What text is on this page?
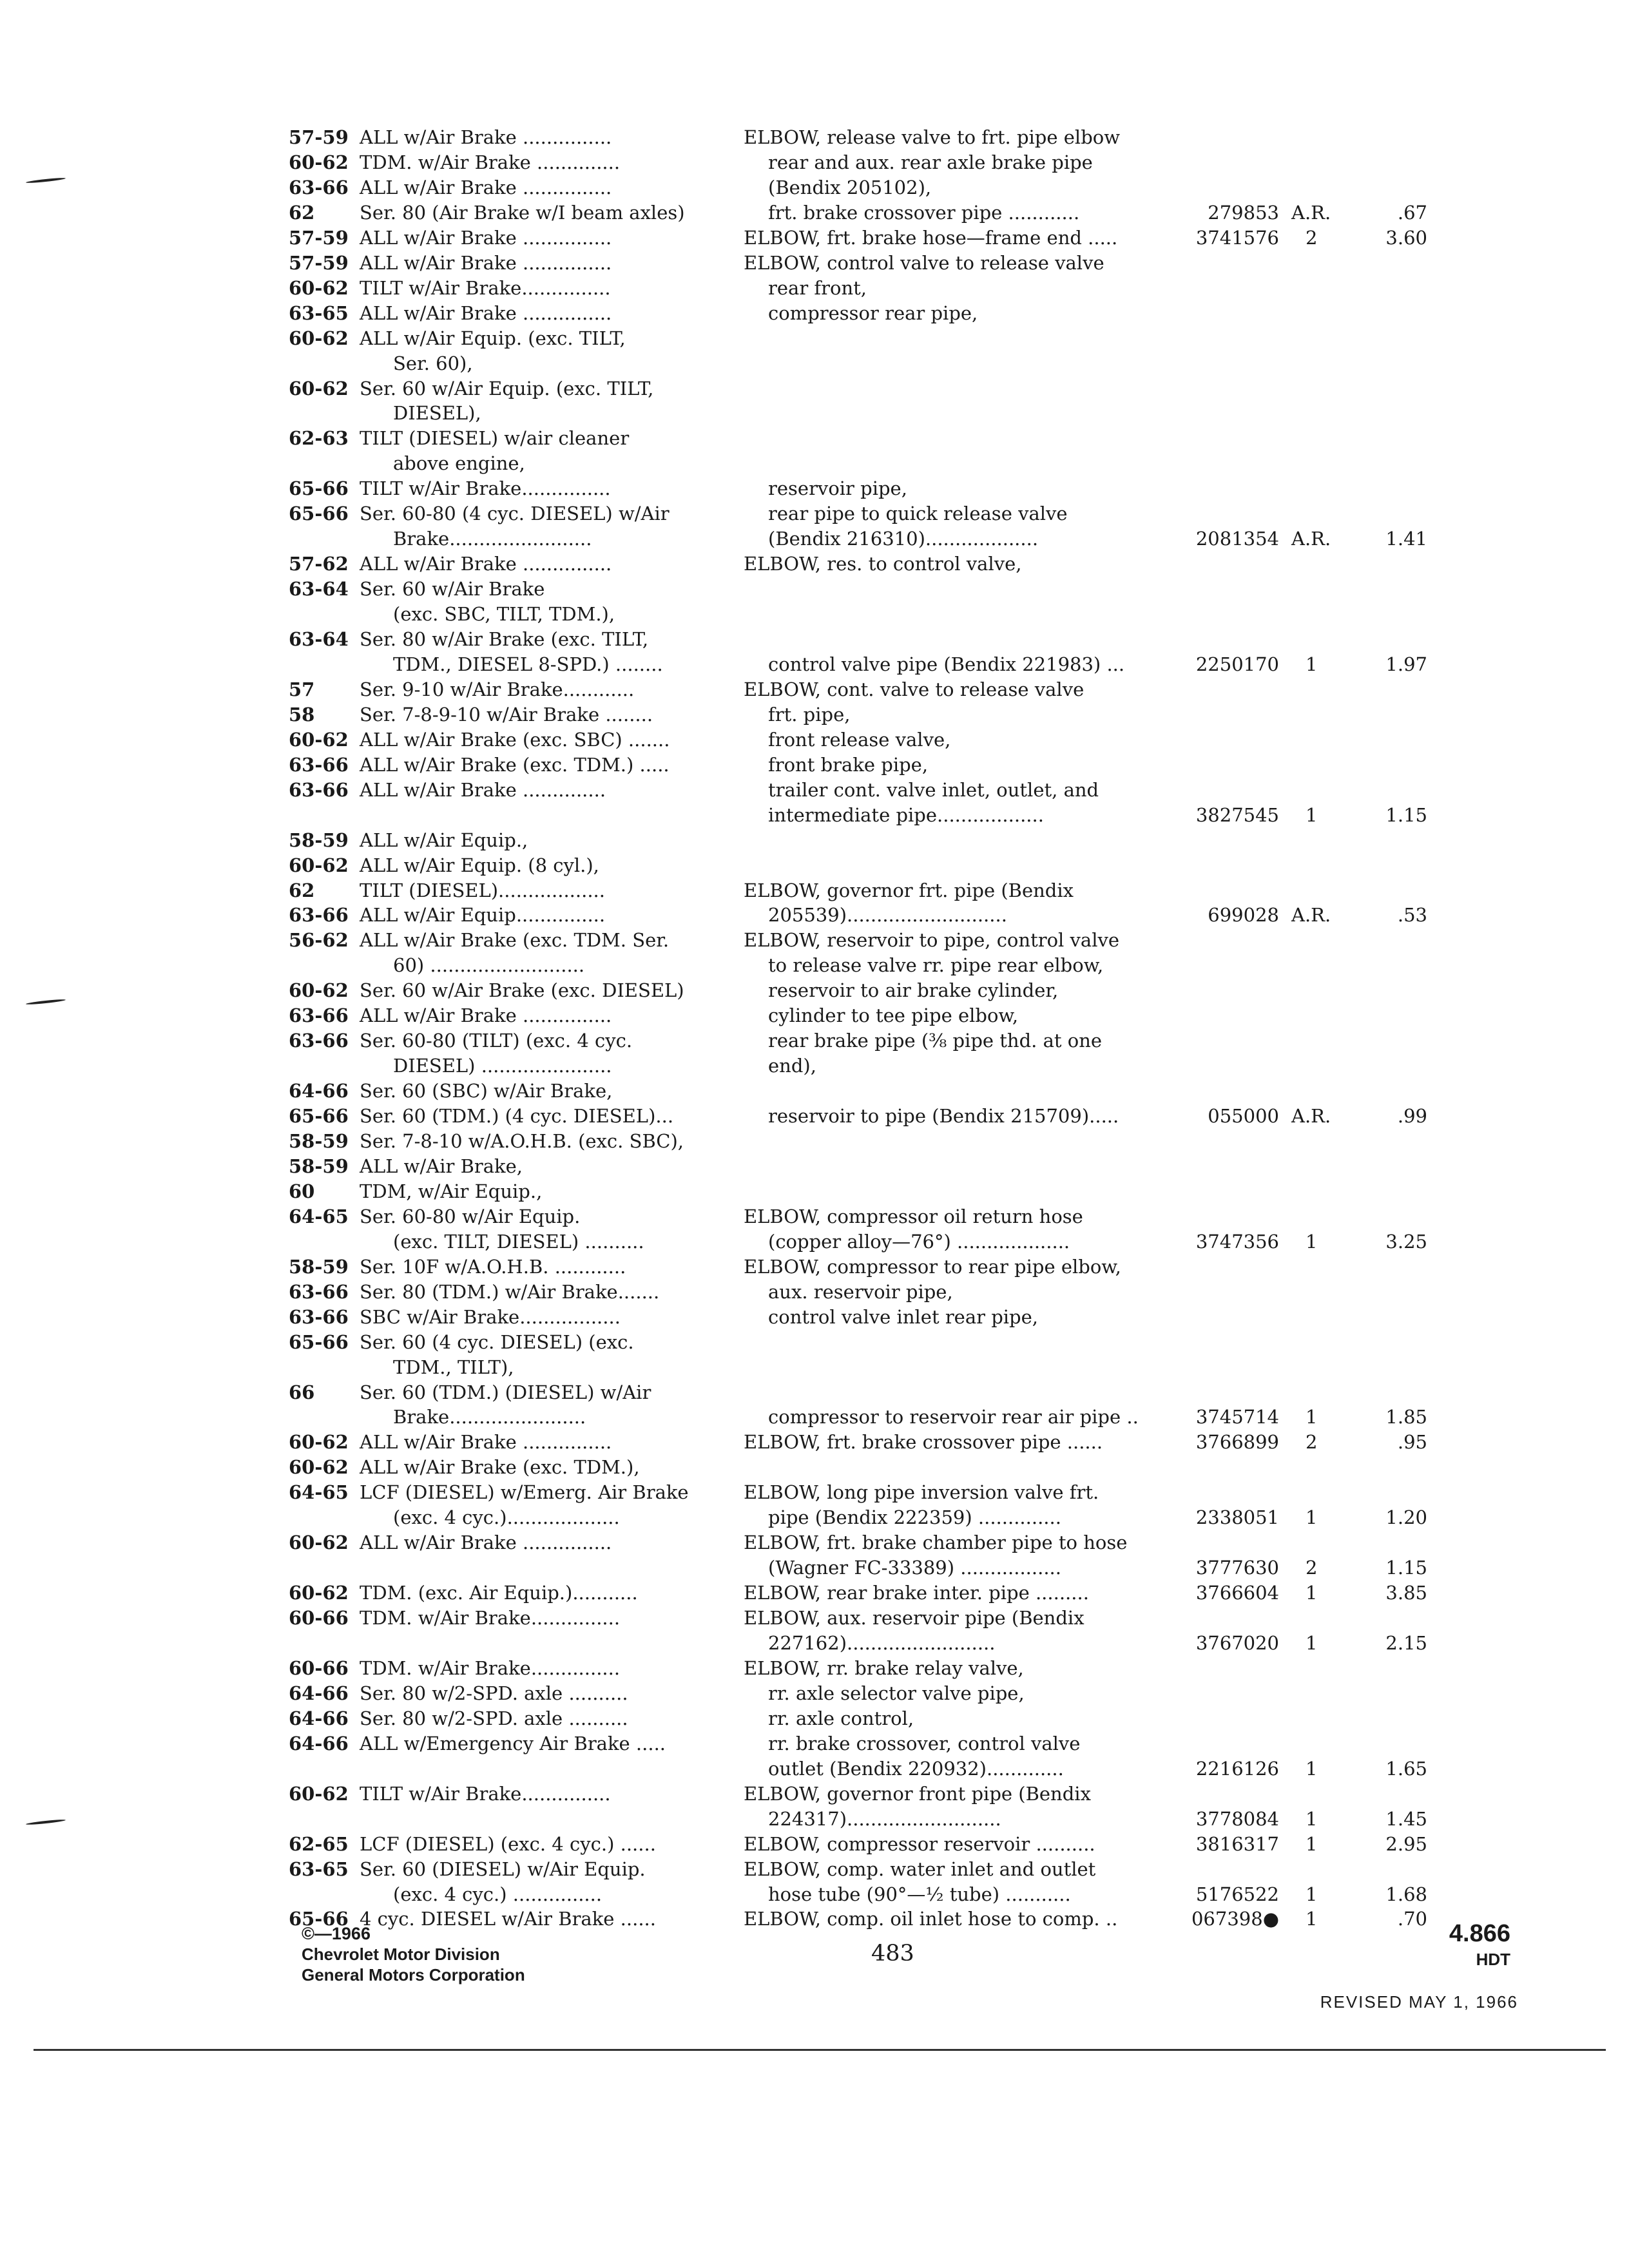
57-59 ALL w/Air Brake ...............	ELBOW, release valve to frt. pipe elbow
60-62 TDM. w/Air Brake ..............	rear and aux. rear axle brake pipe
63-66 ALL w/Air Brake ...............	(Bendix 205102),
62 Ser. 80 (Air Brake w/I beam axles)	frt. brake crossover pipe ............	279853 A.R.	.67
57-59 ALL w/Air Brake ...............	ELBOW, frt. brake hose—frame end .....	3741576 2	3.60
57-59 ALL w/Air Brake ...............	ELBOW, control valve to release valve
60-62 TILT w/Air Brake...............	rear front,
63-65 ALL w/Air Brake ...............	compressor rear pipe,
60-62 ALL w/Air Equip. (exc. TILT,
Ser. 60),
60-62 Ser. 60 w/Air Equip. (exc. TILT,
DIESEL),
62-63 TILT (DIESEL) w/air cleaner
above engine,
65-66 TILT w/Air Brake...............	reservoir pipe,
65-66 Ser. 60-80 (4 cyc. DIESEL) w/Air	rear pipe to quick release valve
Brake........................	(Bendix 216310)...................	2081354 A.R.	1.41
57-62 ALL w/Air Brake ...............	ELBOW, res. to control valve,
63-64 Ser. 60 w/Air Brake
(exc. SBC, TILT, TDM.),
63-64 Ser. 80 w/Air Brake (exc. TILT,
TDM., DIESEL 8-SPD.) ........	control valve pipe (Bendix 221983) ...	2250170 1	1.97
57 Ser. 9-10 w/Air Brake............	ELBOW, cont. valve to release valve
58 Ser. 7-8-9-10 w/Air Brake ........	frt. pipe,
60-62 ALL w/Air Brake (exc. SBC) .......	front release valve,
63-66 ALL w/Air Brake (exc. TDM.) .....	front brake pipe,
63-66 ALL w/Air Brake ..............	trailer cont. valve inlet, outlet, and
intermediate pipe..................	3827545 1	1.15
58-59 ALL w/Air Equip.,
60-62 ALL w/Air Equip. (8 cyl.),
62 TILT (DIESEL)..................	ELBOW, governor frt. pipe (Bendix
63-66 ALL w/Air Equip...............	205539)...........................	699028 A.R.	.53
56-62 ALL w/Air Brake (exc. TDM. Ser.	ELBOW, reservoir to pipe, control valve
60) ..........................	to release valve rr. pipe rear elbow,
60-62 Ser. 60 w/Air Brake (exc. DIESEL)	reservoir to air brake cylinder,
63-66 ALL w/Air Brake ...............	cylinder to tee pipe elbow,
63-66 Ser. 60-80 (TILT) (exc. 4 cyc.	rear brake pipe (⅜ pipe thd. at one
DIESEL) ......................	end),
64-66 Ser. 60 (SBC) w/Air Brake,
65-66 Ser. 60 (TDM.) (4 cyc. DIESEL)...	reservoir to pipe (Bendix 215709).....	055000 A.R.	.99
58-59 Ser. 7-8-10 w/A.O.H.B. (exc. SBC),
58-59 ALL w/Air Brake,
60 TDM, w/Air Equip.,
64-65 Ser. 60-80 w/Air Equip.	ELBOW, compressor oil return hose
(exc. TILT, DIESEL) ..........	(copper alloy—76°) ...................	3747356 1	3.25
58-59 Ser. 10F w/A.O.H.B. ............	ELBOW, compressor to rear pipe elbow,
63-66 Ser. 80 (TDM.) w/Air Brake.......	aux. reservoir pipe,
63-66 SBC w/Air Brake.................	control valve inlet rear pipe,
65-66 Ser. 60 (4 cyc. DIESEL) (exc.
TDM., TILT),
66 Ser. 60 (TDM.) (DIESEL) w/Air
Brake.......................	compressor to reservoir rear air pipe ..	3745714 1	1.85
60-62 ALL w/Air Brake ...............	ELBOW, frt. brake crossover pipe ......	3766899 2	.95
60-62 ALL w/Air Brake (exc. TDM.),
64-65 LCF (DIESEL) w/Emerg. Air Brake	ELBOW, long pipe inversion valve frt.
(exc. 4 cyc.)...................	pipe (Bendix 222359) ..............	2338051 1	1.20
60-62 ALL w/Air Brake ...............	ELBOW, frt. brake chamber pipe to hose
(Wagner FC-33389) .................	3777630 2	1.15
60-62 TDM. (exc. Air Equip.)...........	ELBOW, rear brake inter. pipe .........	3766604 1	3.85
60-66 TDM. w/Air Brake...............	ELBOW, aux. reservoir pipe (Bendix
227162).........................	3767020 1	2.15
60-66 TDM. w/Air Brake...............	ELBOW, rr. brake relay valve,
64-66 Ser. 80 w/2-SPD. axle ..........	rr. axle selector valve pipe,
64-66 Ser. 80 w/2-SPD. axle ..........	rr. axle control,
64-66 ALL w/Emergency Air Brake .....	rr. brake crossover, control valve
outlet (Bendix 220932).............	2216126 1	1.65
60-62 TILT w/Air Brake...............	ELBOW, governor front pipe (Bendix
224317)..........................	3778084 1	1.45
62-65 LCF (DIESEL) (exc. 4 cyc.) ......	ELBOW, compressor reservoir ..........	3816317 1	2.95
63-65 Ser. 60 (DIESEL) w/Air Equip.	ELBOW, comp. water inlet and outlet
(exc. 4 cyc.) ...............	hose tube (90°—½ tube) ...........	5176522 1	1.68
65-66 4 cyc. DIESEL w/Air Brake ......	ELBOW, comp. oil inlet hose to comp. ..	067398● 1	.70
©—1966
Chevrolet Motor Division
General Motors Corporation
483
4.866
HDT
REVISED MAY 1, 1966
